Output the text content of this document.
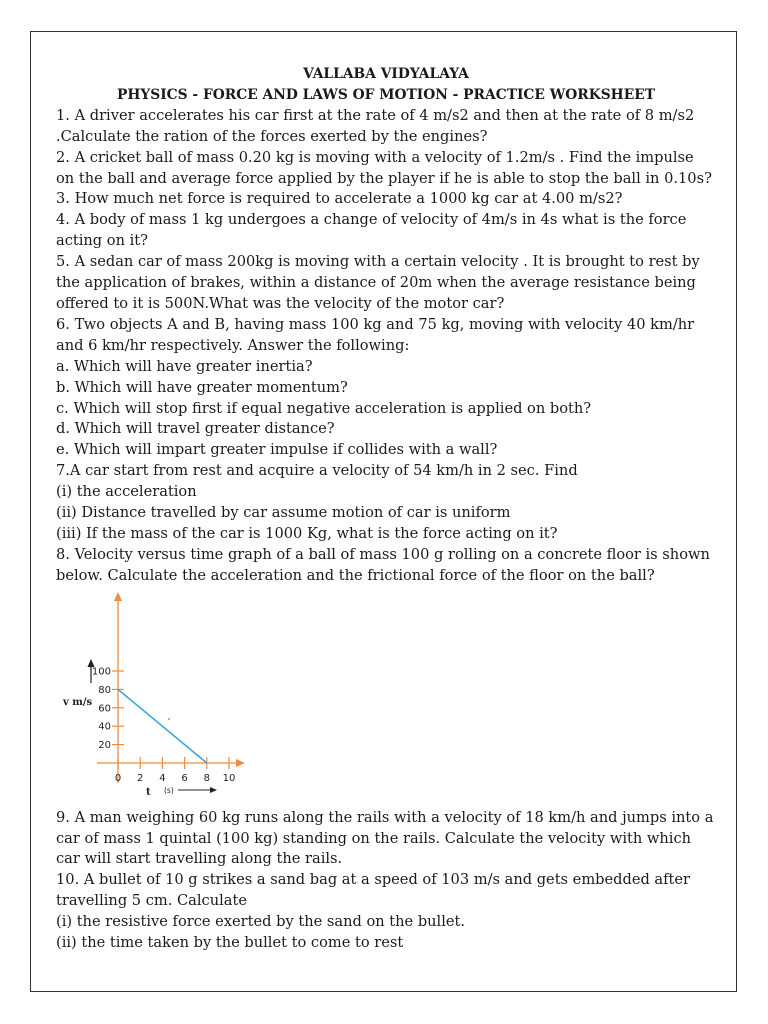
VALLABA VIDYALAYA

PHYSICS - FORCE AND LAWS OF MOTION - PRACTICE WORKSHEET

1. A driver accelerates his car first at the rate of 4 m/s2 and then at the rate of 8 m/s2 .Calculate the ration of the forces exerted by the engines?

2. A cricket ball of mass 0.20 kg is moving with a velocity of 1.2m/s . Find the impulse on the ball and average force applied by the player if he is able to stop the ball in 0.10s?

3. How much net force is required to accelerate a 1000 kg car at 4.00 m/s2?

4. A body of mass 1 kg undergoes a change of velocity of 4m/s in 4s what is the force acting on it?

5. A sedan car of mass 200kg is moving with a certain velocity . It is brought to rest by the application of brakes, within a distance of 20m when the average resistance being offered to it is 500N.What was the velocity of the motor car?

6. Two objects A and B, having mass 100 kg and 75 kg, moving with velocity 40 km/hr and 6 km/hr respectively. Answer the following:

a. Which will have greater inertia?

b. Which will have greater momentum?

c. Which will stop first if equal negative acceleration is applied on both?

d. Which will travel greater distance?

e. Which will impart greater impulse if collides with a wall?

7.A car start from rest and acquire a velocity of 54 km/h in 2 sec. Find

(i) the acceleration

(ii) Distance travelled by car assume motion of car is uniform

(iii) If the mass of the car is 1000 Kg, what is the force acting on it?

8. Velocity versus time graph of a ball of mass 100 g rolling on a concrete floor is shown below. Calculate the acceleration and the frictional force of the floor on the ball?

0 2 4 6 8 10
20
40
60
80
100
v m/s
t (s)

9. A man weighing 60 kg runs along the rails with a velocity of 18 km/h and jumps into a car of mass 1 quintal (100 kg) standing on the rails. Calculate the velocity with which car will start travelling along the rails.

10. A bullet of 10 g strikes a sand bag at a speed of 103 m/s and gets embedded after travelling 5 cm. Calculate

(i) the resistive force exerted by the sand on the bullet.

(ii) the time taken by the bullet to come to rest
